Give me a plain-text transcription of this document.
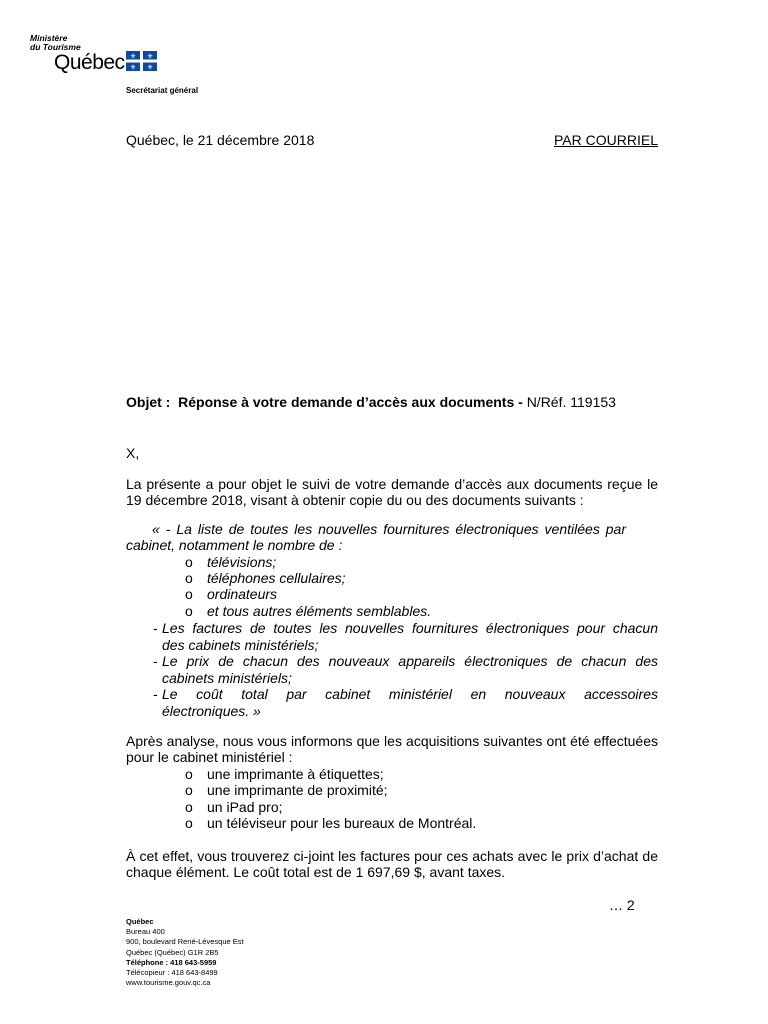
Ministère
du Tourisme
Québec ⚜ ⚜
⚜ ⚜
Secrétariat général
Québec, le 21 décembre 2018	PAR COURRIEL
Objet : Réponse à votre demande d’accès aux documents - N/Réf. 119153
X,
La présente a pour objet le suivi de votre demande d’accès aux documents reçue le
19 décembre 2018, visant à obtenir copie du ou des documents suivants :
« - La liste de toutes les nouvelles fournitures électroniques ventilées par
cabinet, notamment le nombre de :
o télévisions;
o téléphones cellulaires;
o ordinateurs
o et tous autres éléments semblables.
- Les factures de toutes les nouvelles fournitures électroniques pour chacun
des cabinets ministériels;
- Le prix de chacun des nouveaux appareils électroniques de chacun des
cabinets ministériels;
- Le coût total par cabinet ministériel en nouveaux accessoires
électroniques. »
Après analyse, nous vous informons que les acquisitions suivantes ont été effectuées
pour le cabinet ministériel :
o une imprimante à étiquettes;
o une imprimante de proximité;
o un iPad pro;
o un téléviseur pour les bureaux de Montréal.
À cet effet, vous trouverez ci-joint les factures pour ces achats avec le prix d’achat de
chaque élément. Le coût total est de 1 697,69 $, avant taxes.
… 2
Québec
Bureau 400
900, boulevard René-Lévesque Est
Québec (Québec) G1R 2B5
Téléphone : 418 643-5959
Télécopieur : 418 643-8499
www.tourisme.gouv.qc.ca
